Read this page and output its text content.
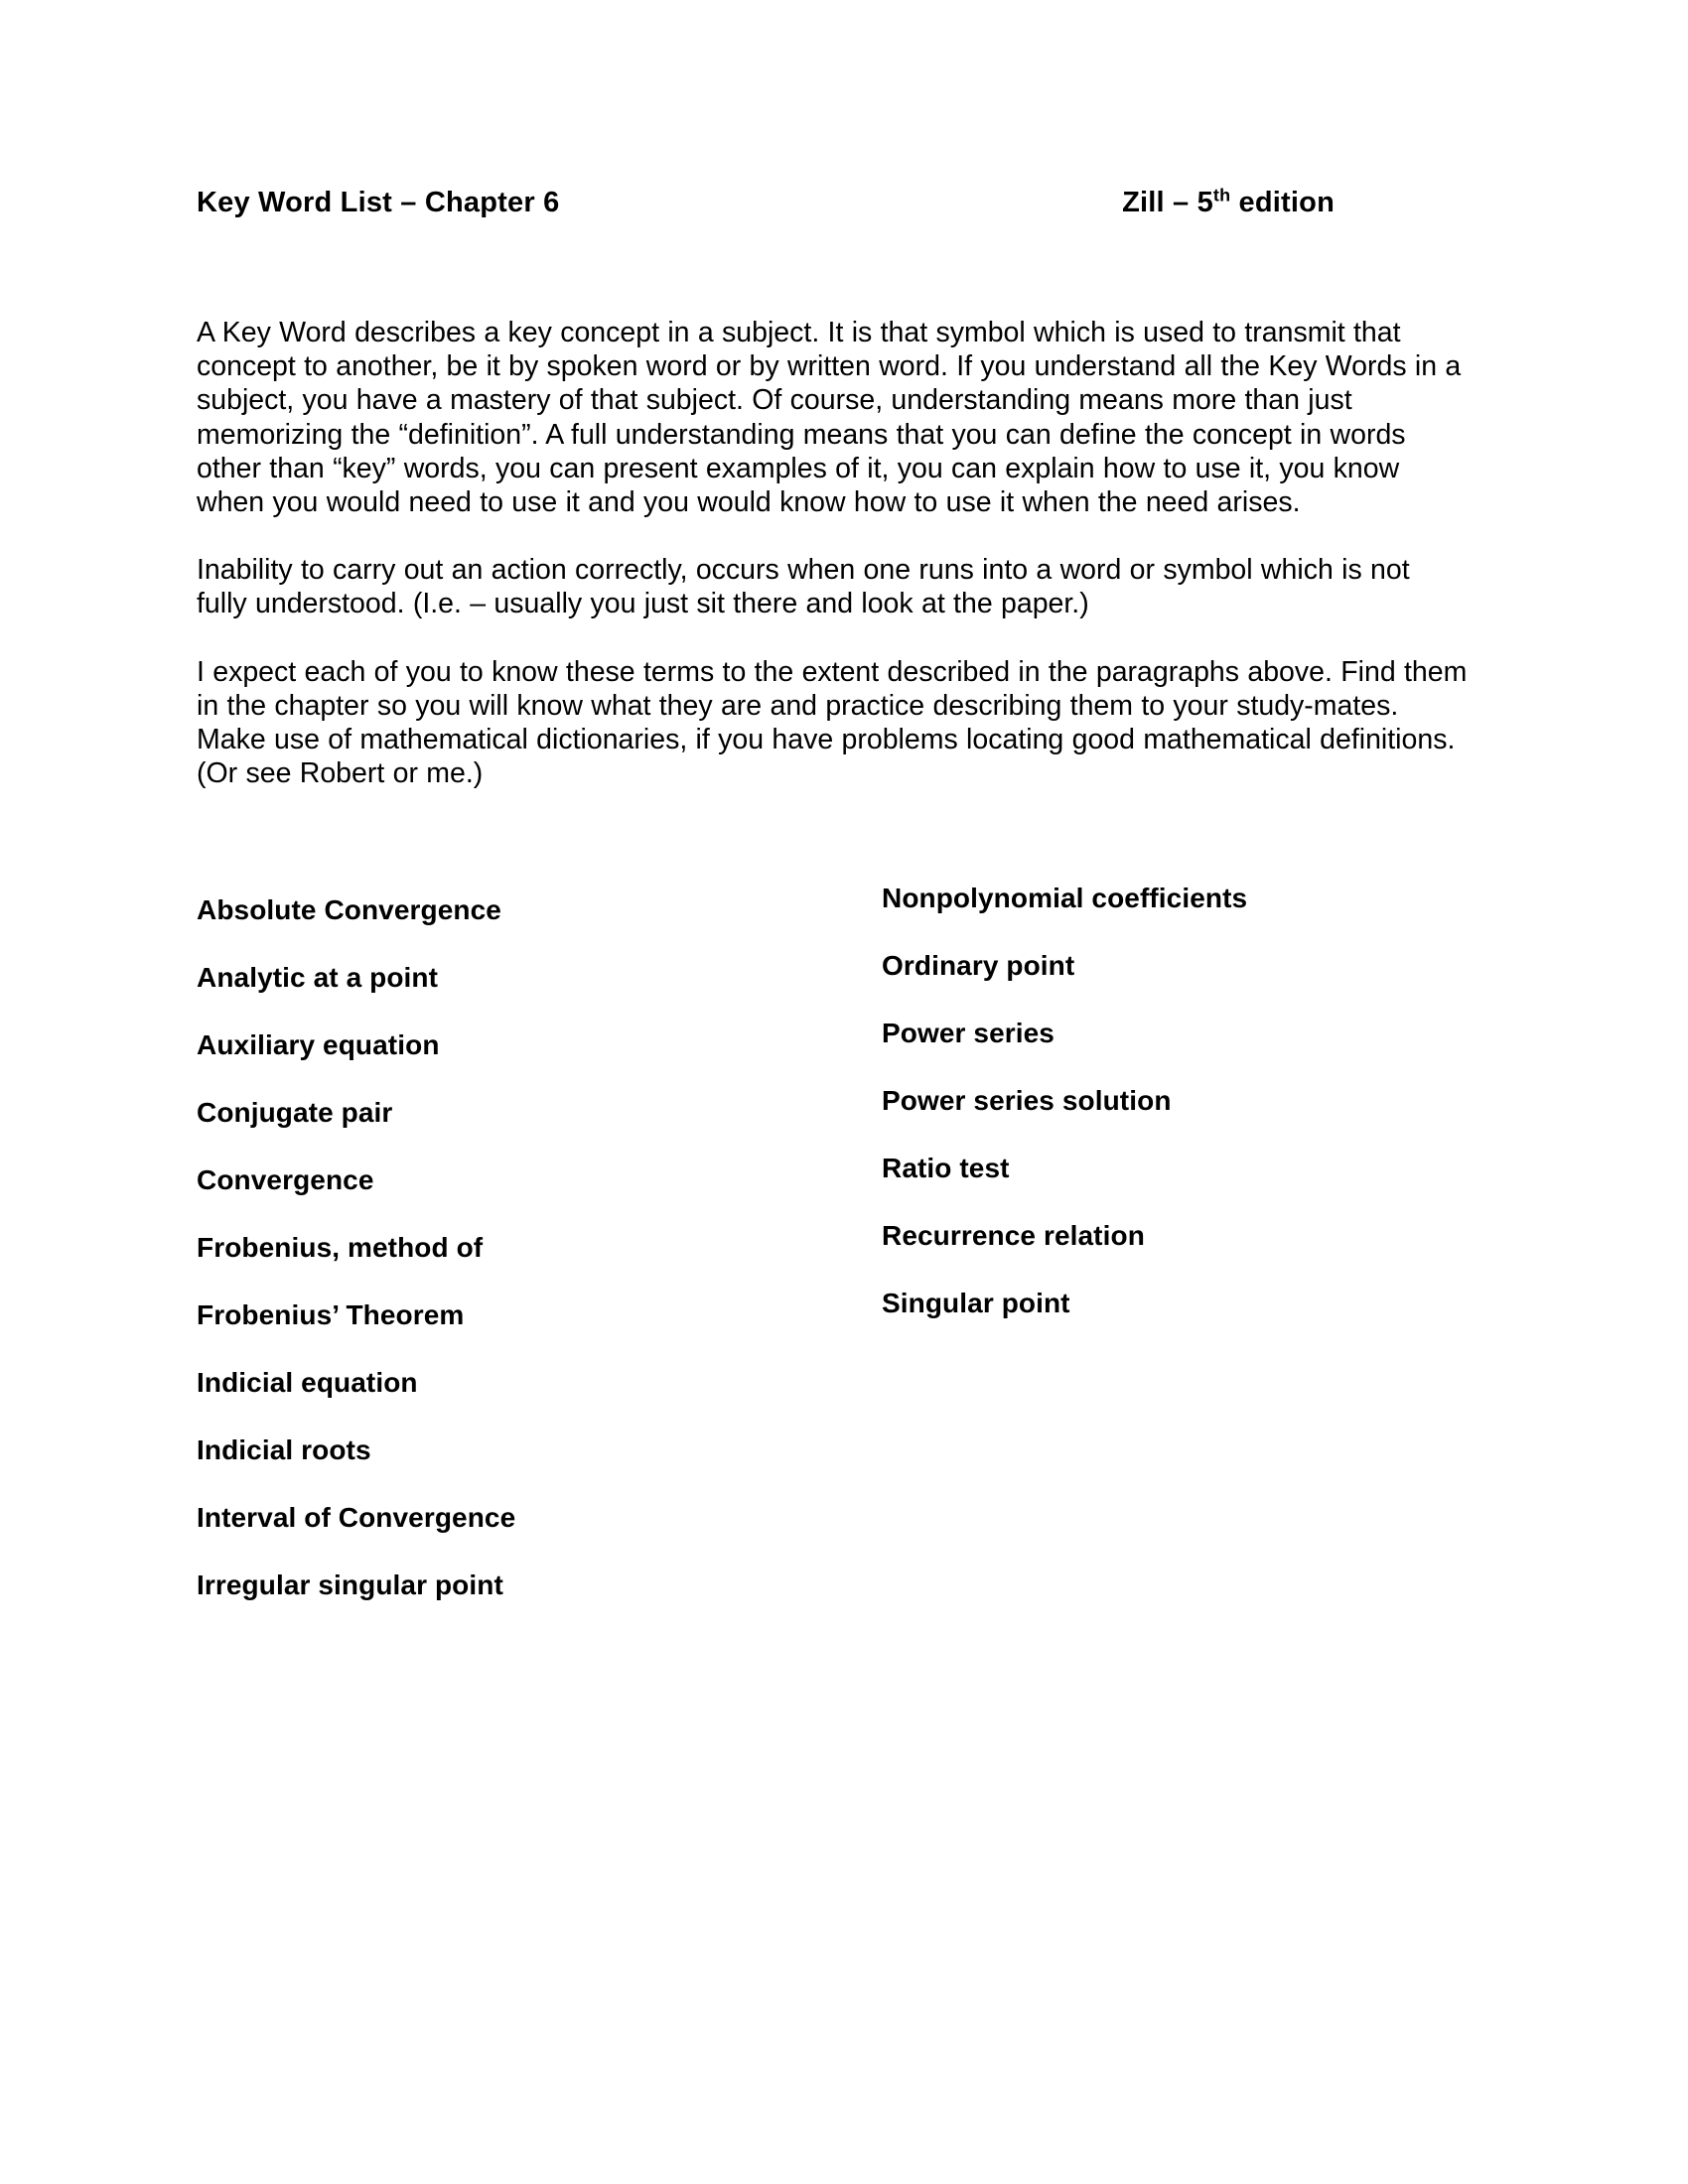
Key Word List – Chapter 6	Zill – 5th edition

A Key Word describes a key concept in a subject. It is that symbol which is used to transmit that concept to another, be it by spoken word or by written word. If you understand all the Key Words in a subject, you have a mastery of that subject. Of course, understanding means more than just memorizing the “definition”. A full understanding means that you can define the concept in words other than “key” words, you can present examples of it, you can explain how to use it, you know when you would need to use it and you would know how to use it when the need arises.

Inability to carry out an action correctly, occurs when one runs into a word or symbol which is not fully understood. (I.e. – usually you just sit there and look at the paper.)

I expect each of you to know these terms to the extent described in the paragraphs above. Find them in the chapter so you will know what they are and practice describing them to your study-mates. Make use of mathematical dictionaries, if you have problems locating good mathematical definitions. (Or see Robert or me.)

Absolute Convergence
Analytic at a point
Auxiliary equation
Conjugate pair
Convergence
Frobenius, method of
Frobenius’ Theorem
Indicial equation
Indicial roots
Interval of Convergence
Irregular singular point
Nonpolynomial coefficients
Ordinary point
Power series
Power series solution
Ratio test
Recurrence relation
Singular point
